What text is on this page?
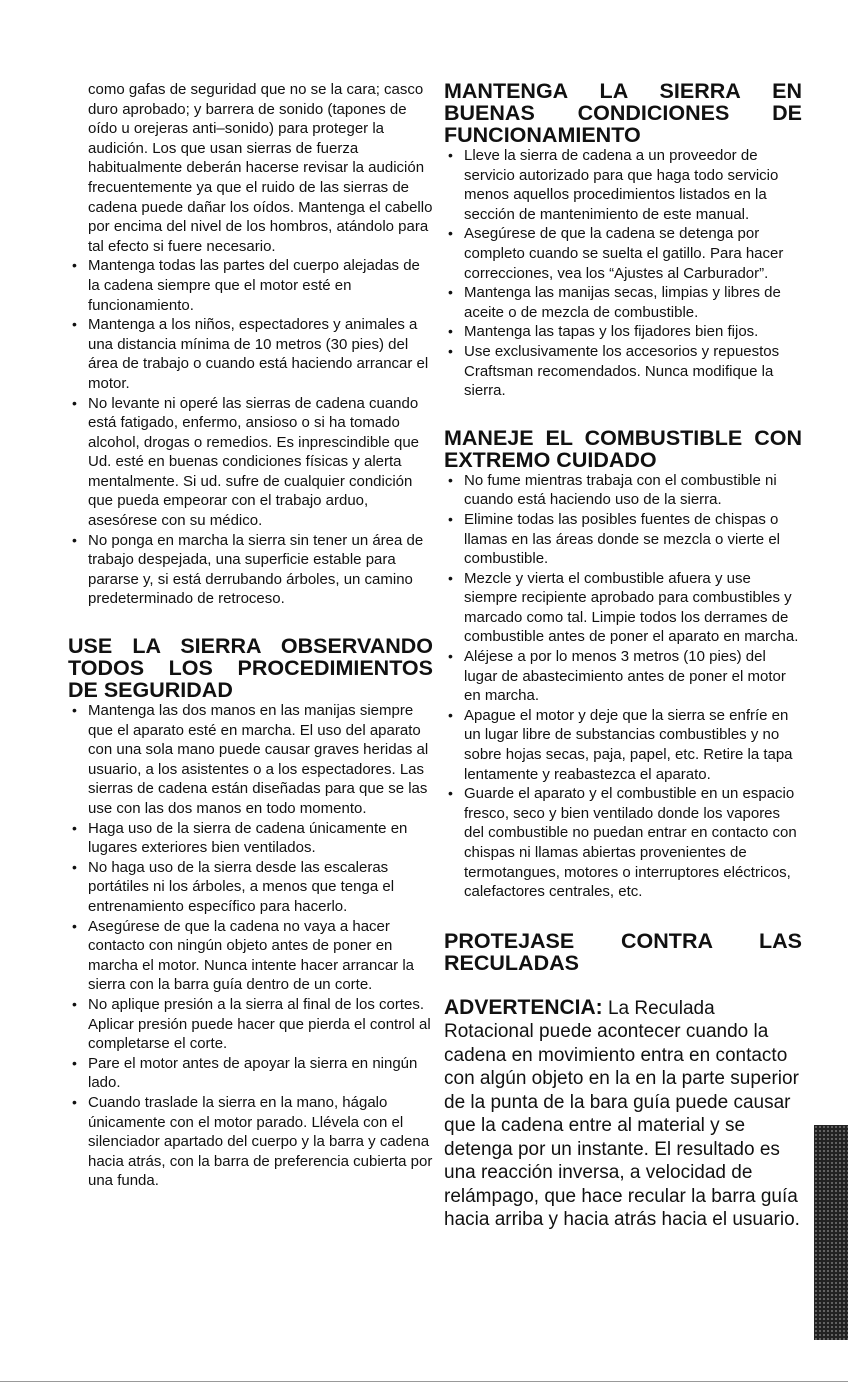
como gafas de seguridad que no se la cara; casco duro aprobado; y barrera de sonido (tapones de oído u orejeras anti–sonido) para proteger la audición. Los que usan sierras de fuerza habitualmente deberán hacerse revisar la audición frecuentemente ya que el ruido de las sierras de cadena puede dañar los oídos. Mantenga el cabello por encima del nivel de los hombros, atándolo para tal efecto si fuere necesario.

• Mantenga todas las partes del cuerpo alejadas de la cadena siempre que el motor esté en funcionamiento.
• Mantenga a los niños, espectadores y animales a una distancia mínima de 10 metros (30 pies) del área de trabajo o cuando está haciendo arrancar el motor.
• No levante ni operé las sierras de cadena cuando está fatigado, enfermo, ansioso o si ha tomado alcohol, drogas o remedios. Es inprescindible que Ud. esté en buenas condiciones físicas y alerta mentalmente. Si ud. sufre de cualquier condición que pueda empeorar con el trabajo arduo, asesórese con su médico.
• No ponga en marcha la sierra sin tener un área de trabajo despejada, una superficie estable para pararse y, si está derrubando árboles, un camino predeterminado de retroceso.
USE LA SIERRA OBSERVANDO
TODOS LOS PROCEDIMIENTOS
DE SEGURIDAD
• Mantenga las dos manos en las manijas siempre que el aparato esté en marcha. El uso del aparato con una sola mano puede causar graves heridas al usuario, a los asistentes o a los espectadores. Las sierras de cadena están diseñadas para que se las use con las dos manos en todo momento.
• Haga uso de la sierra de cadena únicamente en lugares exteriores bien ventilados.
• No haga uso de la sierra desde las escaleras portátiles ni los árboles, a menos que tenga el entrenamiento específico para hacerlo.
• Asegúrese de que la cadena no vaya a hacer contacto con ningún objeto antes de poner en marcha el motor. Nunca intente hacer arrancar la sierra con la barra guía dentro de un corte.
• No aplique presión a la sierra al final de los cortes. Aplicar presión puede hacer que pierda el control al completarse el corte.
• Pare el motor antes de apoyar la sierra en ningún lado.
• Cuando traslade la sierra en la mano, hágalo únicamente con el motor parado. Llévela con el silenciador apartado del cuerpo y la barra y cadena hacia atrás, con la barra de preferencia cubierta por una funda.
MANTENGA LA SIERRA EN
BUENAS CONDICIONES DE
FUNCIONAMIENTO
• Lleve la sierra de cadena a un proveedor de servicio autorizado para que haga todo servicio menos aquellos procedimientos listados en la sección de mantenimiento de este manual.
• Asegúrese de que la cadena se detenga por completo cuando se suelta el gatillo. Para hacer correcciones, vea los “Ajustes al Carburador”.
• Mantenga las manijas secas, limpias y libres de aceite o de mezcla de combustible.
• Mantenga las tapas y los fijadores bien fijos.
• Use exclusivamente los accesorios y repuestos Craftsman recomendados. Nunca modifique la sierra.
MANEJE EL COMBUSTIBLE CON
EXTREMO CUIDADO
• No fume mientras trabaja con el combustible ni cuando está haciendo uso de la sierra.
• Elimine todas las posibles fuentes de chispas o llamas en las áreas donde se mezcla o vierte el combustible.
• Mezcle y vierta el combustible afuera y use siempre recipiente aprobado para combustibles y marcado como tal. Limpie todos los derrames de combustible antes de poner el aparato en marcha.
• Aléjese a por lo menos 3 metros (10 pies) del lugar de abastecimiento antes de poner el motor en marcha.
• Apague el motor y deje que la sierra se enfríe en un lugar libre de substancias combustibles y no sobre hojas secas, paja, papel, etc. Retire la tapa lentamente y reabastezca el aparato.
• Guarde el aparato y el combustible en un espacio fresco, seco y bien ventilado donde los vapores del combustible no puedan entrar en contacto con chispas ni llamas abiertas provenientes de termotangues, motores o interruptores eléctricos, calefactores centrales, etc.
PROTEJASE CONTRA LAS
RECULADAS

ADVERTENCIA: La Reculada Rotacional puede acontecer cuando la cadena en movimiento entra en contacto con algún objeto en la en la parte superior de la punta de la bara guía puede causar que la cadena entre al material y se detenga por un instante. El resultado es una reacción inversa, a velocidad de relámpago, que hace recular la barra guía hacia arriba y hacia atrás hacia el usuario.
